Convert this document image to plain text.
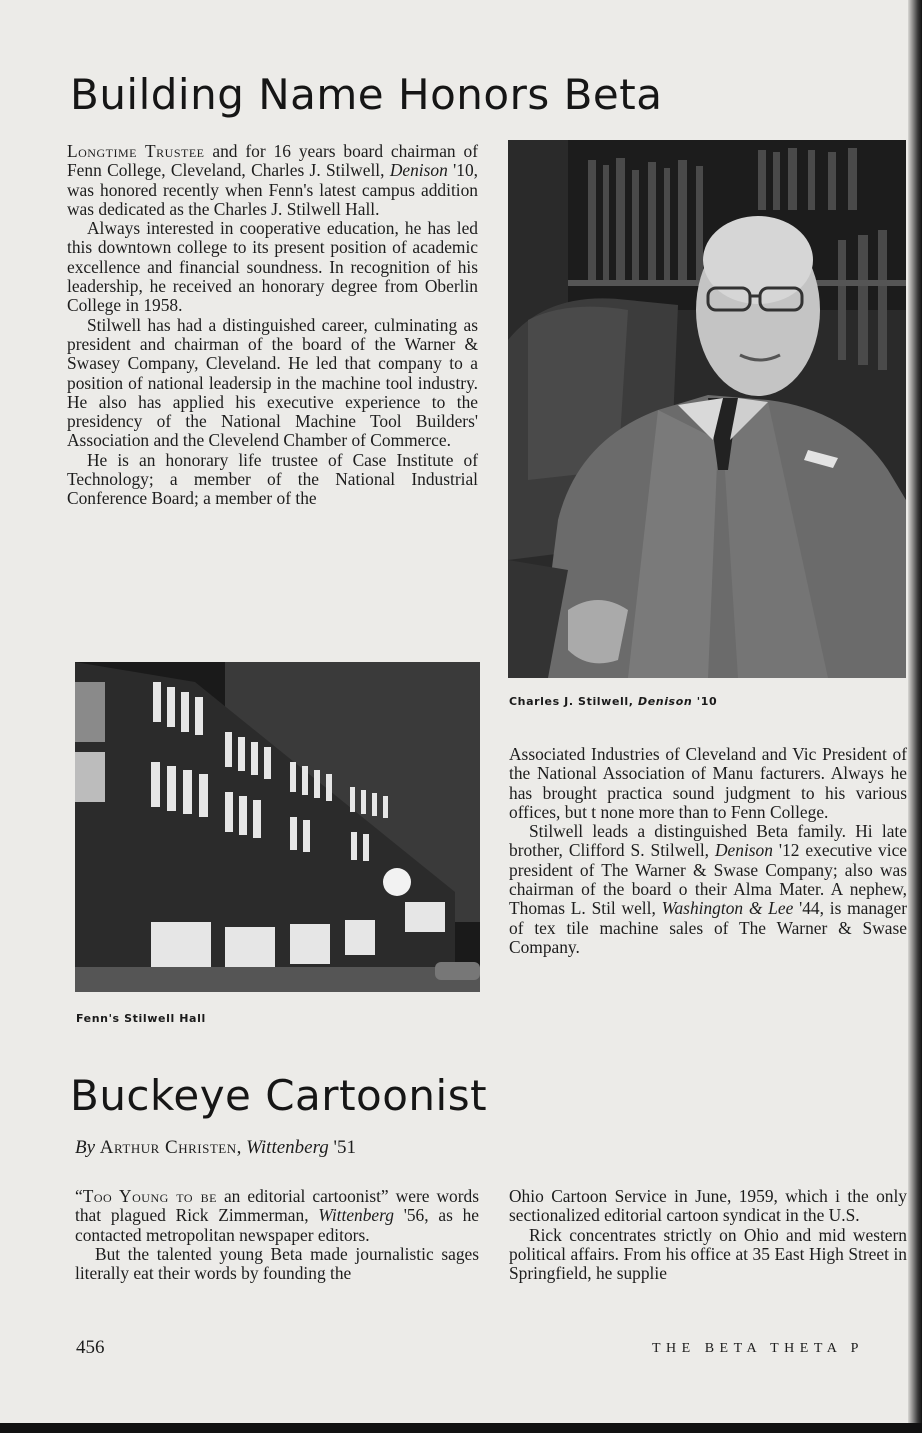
Building Name Honors Beta

Longtime Trustee and for 16 years board chairman of Fenn College, Cleveland, Charles J. Stilwell, Denison '10, was honored recently when Fenn's latest campus addition was dedicated as the Charles J. Stilwell Hall.

Always interested in cooperative education, he has led this downtown college to its present position of academic excellence and financial soundness. In recognition of his leadership, he received an honorary degree from Oberlin College in 1958.

Stilwell has had a distinguished career, culminating as president and chairman of the board of the Warner & Swasey Company, Cleveland. He led that company to a position of national leadersip in the machine tool industry. He also has applied his executive experience to the presidency of the National Machine Tool Builders' Association and the Clevelend Chamber of Commerce.

He is an honorary life trustee of Case Institute of Technology; a member of the National Industrial Conference Board; a member of the

Charles J. Stilwell, Denison '10
Fenn's Stilwell Hall

Associated Industries of Cleveland and Vic President of the National Association of Manu facturers. Always he has brought practica sound judgment to his various offices, but t none more than to Fenn College.

Stilwell leads a distinguished Beta family. Hi late brother, Clifford S. Stilwell, Denison '12 executive vice president of The Warner & Swase Company; also was chairman of the board o their Alma Mater. A nephew, Thomas L. Stil well, Washington & Lee '44, is manager of tex tile machine sales of The Warner & Swase Company.

Buckeye Cartoonist
By Arthur Christen, Wittenberg '51

“Too Young to be an editorial cartoonist” were words that plagued Rick Zimmerman, Wittenberg '56, as he contacted metropolitan newspaper editors.

But the talented young Beta made journalistic sages literally eat their words by founding the

Ohio Cartoon Service in June, 1959, which i the only sectionalized editorial cartoon syndicat in the U.S.

Rick concentrates strictly on Ohio and mid western political affairs. From his office at 35 East High Street in Springfield, he supplie

456	THE BETA THETA P
